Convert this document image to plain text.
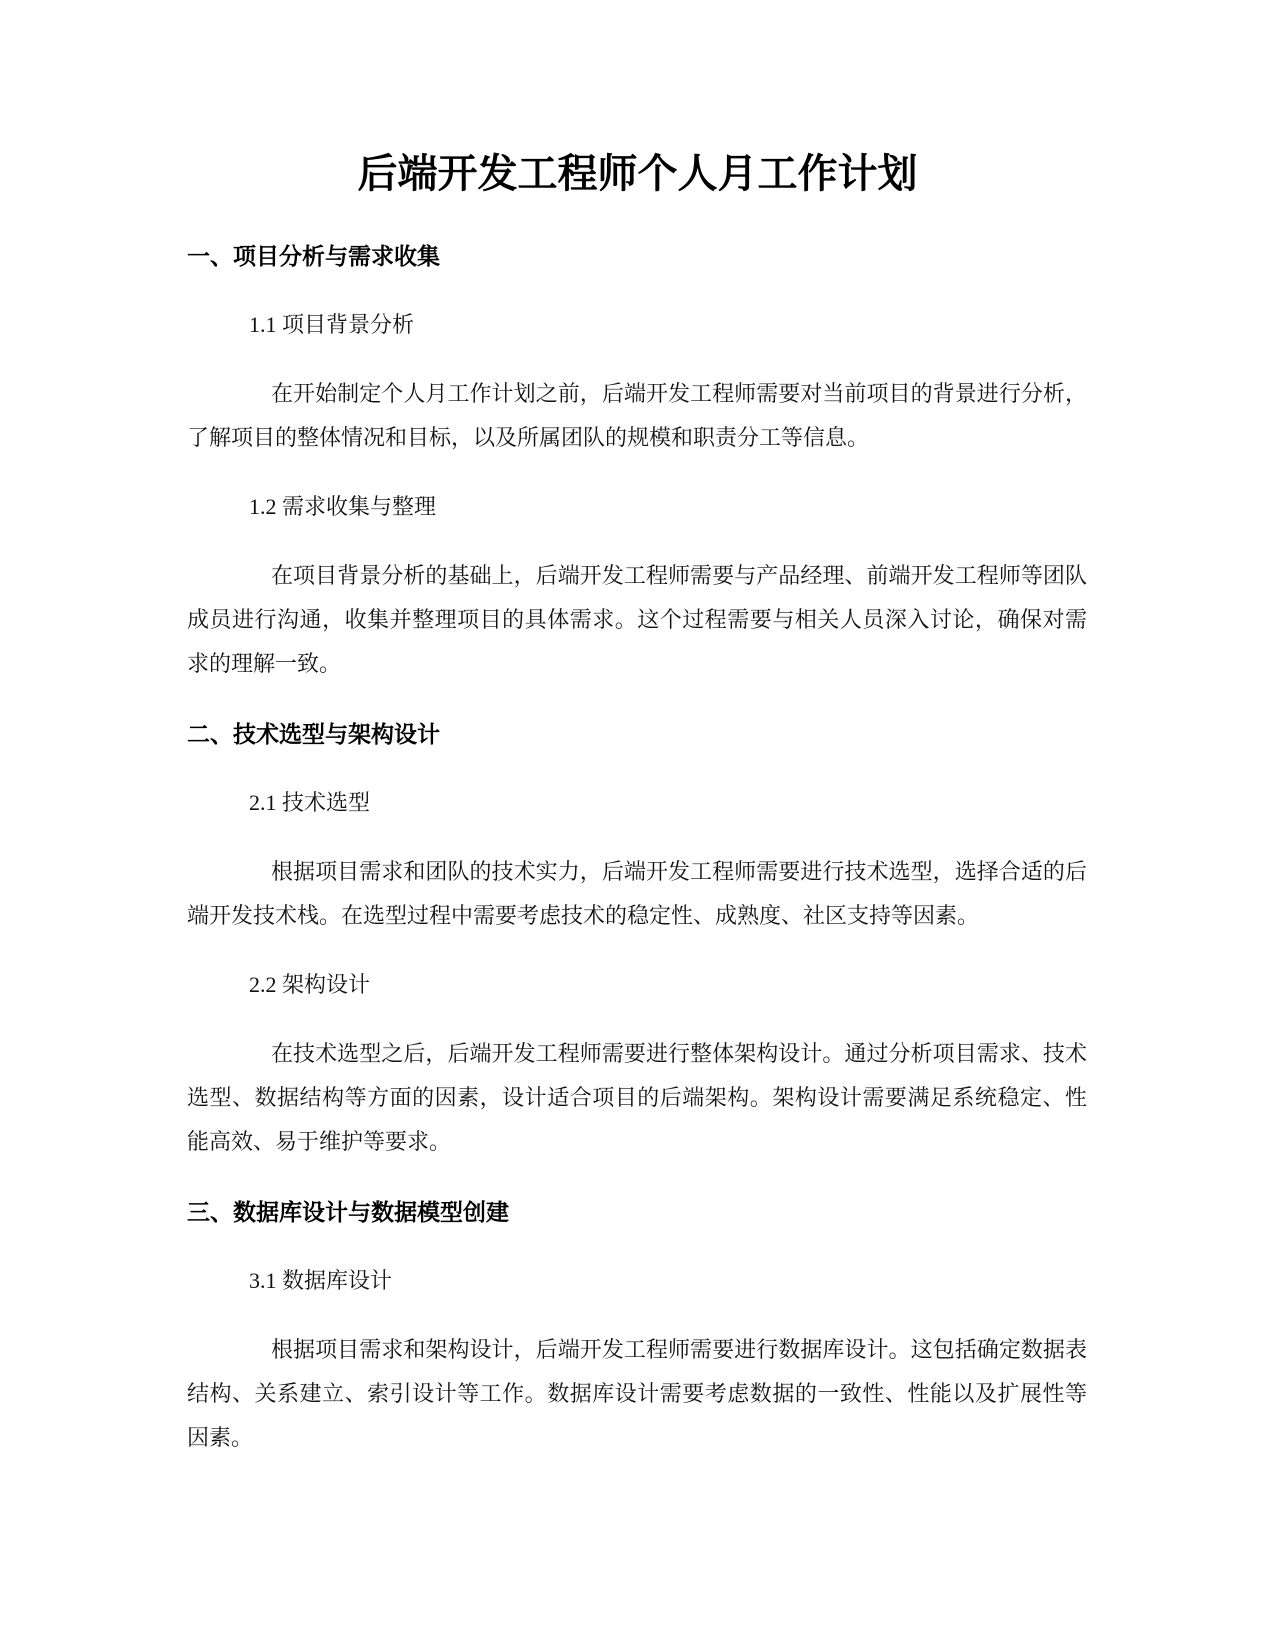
后端开发工程师个人月工作计划
一、项目分析与需求收集
1.1 项目背景分析

在开始制定个人月工作计划之前，后端开发工程师需要对当前项目的背景进行分析，了解项目的整体情况和目标，以及所属团队的规模和职责分工等信息。

1.2 需求收集与整理

在项目背景分析的基础上，后端开发工程师需要与产品经理、前端开发工程师等团队成员进行沟通，收集并整理项目的具体需求。这个过程需要与相关人员深入讨论，确保对需求的理解一致。

二、技术选型与架构设计
2.1 技术选型

根据项目需求和团队的技术实力，后端开发工程师需要进行技术选型，选择合适的后端开发技术栈。在选型过程中需要考虑技术的稳定性、成熟度、社区支持等因素。

2.2 架构设计

在技术选型之后，后端开发工程师需要进行整体架构设计。通过分析项目需求、技术选型、数据结构等方面的因素，设计适合项目的后端架构。架构设计需要满足系统稳定、性能高效、易于维护等要求。

三、数据库设计与数据模型创建
3.1 数据库设计

根据项目需求和架构设计，后端开发工程师需要进行数据库设计。这包括确定数据表结构、关系建立、索引设计等工作。数据库设计需要考虑数据的一致性、性能以及扩展性等因素。
